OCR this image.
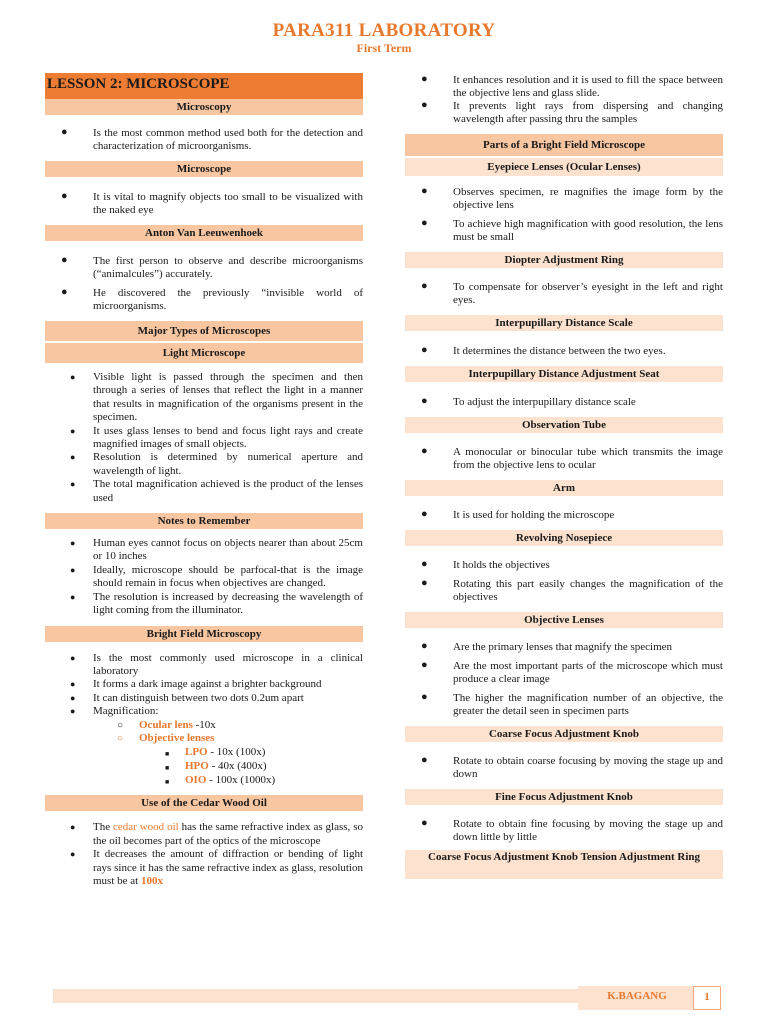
PARA311 LABORATORY
First Term
LESSON 2: MICROSCOPE
Microscopy
● Is the most common method used both for the detection and characterization of microorganisms.
Microscope
● It is vital to magnify objects too small to be visualized with the naked eye
Anton Van Leeuwenhoek
● The first person to observe and describe microorganisms (“animalcules”) accurately.
● He discovered the previously “invisible world of microorganisms.
Major Types of Microscopes
Light Microscope
● Visible light is passed through the specimen and then through a series of lenses that reflect the light in a manner that results in magnification of the organisms present in the specimen.
● It uses glass lenses to bend and focus light rays and create magnified images of small objects.
● Resolution is determined by numerical aperture and wavelength of light.
● The total magnification achieved is the product of the lenses used
Notes to Remember
● Human eyes cannot focus on objects nearer than about 25cm or 10 inches
● Ideally, microscope should be parfocal-that is the image should remain in focus when objectives are changed.
● The resolution is increased by decreasing the wavelength of light coming from the illuminator.
Bright Field Microscopy
● Is the most commonly used microscope in a clinical laboratory
● It forms a dark image against a brighter background
● It can distinguish between two dots 0.2um apart
● Magnification:
○ Ocular lens -10x
○ Objective lenses
■ LPO - 10x (100x)
■ HPO - 40x (400x)
■ OIO - 100x (1000x)
Use of the Cedar Wood Oil
● The cedar wood oil has the same refractive index as glass, so the oil becomes part of the optics of the microscope
● It decreases the amount of diffraction or bending of light rays since it has the same refractive index as glass, resolution must be at 100x
● It enhances resolution and it is used to fill the space between the objective lens and glass slide.
● It prevents light rays from dispersing and changing wavelength after passing thru the samples
Parts of a Bright Field Microscope
Eyepiece Lenses (Ocular Lenses)
● Observes specimen, re magnifies the image form by the objective lens
● To achieve high magnification with good resolution, the lens must be small
Diopter Adjustment Ring
● To compensate for observer’s eyesight in the left and right eyes.
Interpupillary Distance Scale
● It determines the distance between the two eyes.
Interpupillary Distance Adjustment Seat
● To adjust the interpupillary distance scale
Observation Tube
● A monocular or binocular tube which transmits the image from the objective lens to ocular
Arm
● It is used for holding the microscope
Revolving Nosepiece
● It holds the objectives
● Rotating this part easily changes the magnification of the objectives
Objective Lenses
● Are the primary lenses that magnify the specimen
● Are the most important parts of the microscope which must produce a clear image
● The higher the magnification number of an objective, the greater the detail seen in specimen parts
Coarse Focus Adjustment Knob
● Rotate to obtain coarse focusing by moving the stage up and down
Fine Focus Adjustment Knob
● Rotate to obtain fine focusing by moving the stage up and down little by little
Coarse Focus Adjustment Knob Tension Adjustment Ring
K.BAGANG	1
